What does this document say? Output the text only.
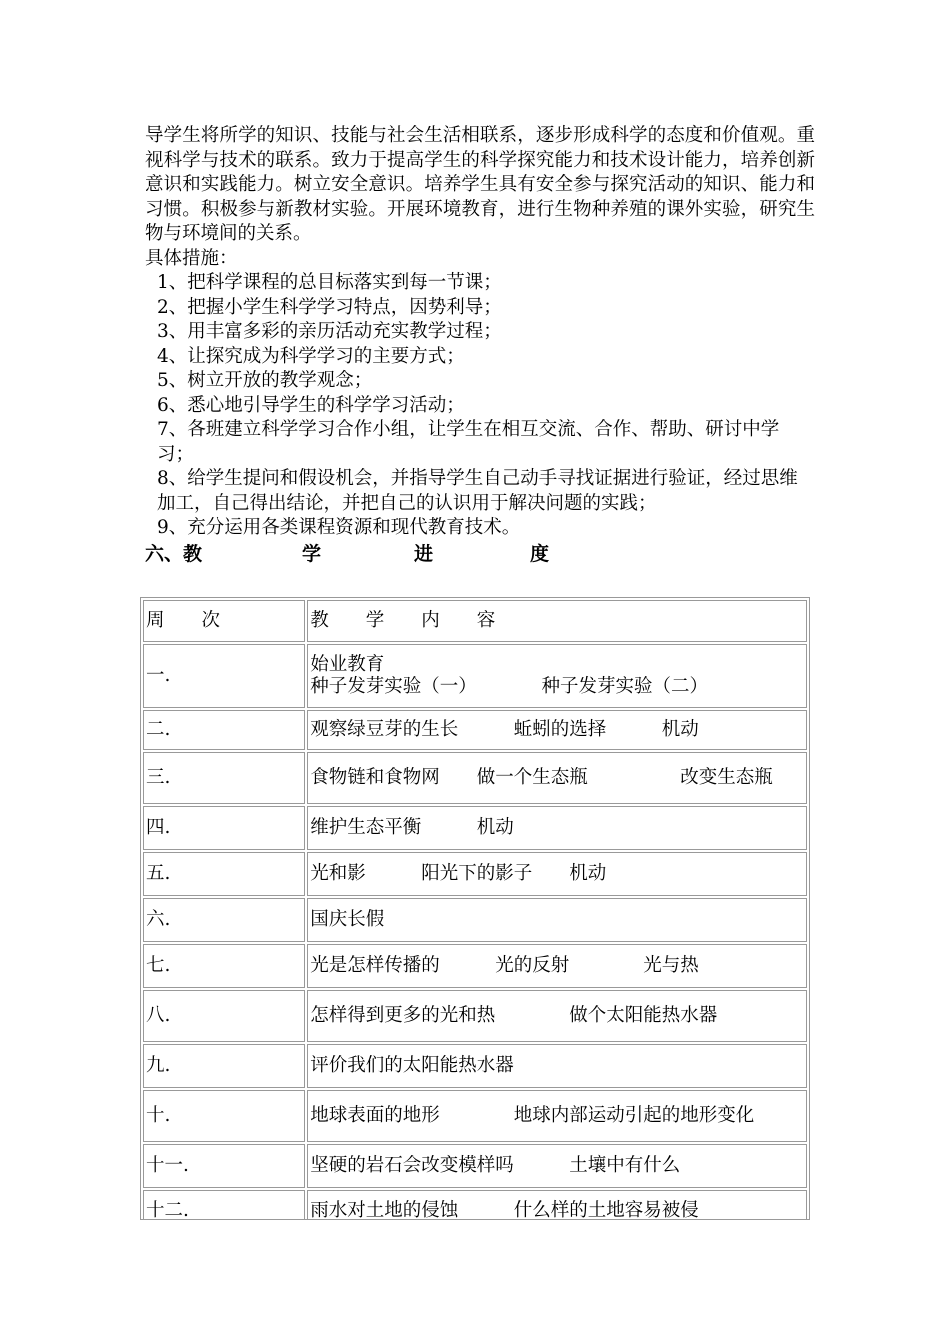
导学生将所学的知识、技能与社会生活相联系，逐步形成科学的态度和价值观。重视科学与技术的联系。致力于提高学生的科学探究能力和技术设计能力，培养创新意识和实践能力。树立安全意识。培养学生具有安全参与探究活动的知识、能力和习惯。积极参与新教材实验。开展环境教育，进行生物种养殖的课外实验，研究生物与环境间的关系。

具体措施：

1、把科学课程的总目标落实到每一节课；

2、把握小学生科学学习特点，因势利导；

3、用丰富多彩的亲历活动充实教学过程；

4、让探究成为科学学习的主要方式；

5、树立开放的教学观念；

6、悉心地引导学生的科学学习活动；

7、各班建立科学学习合作小组，让学生在相互交流、合作、帮助、研讨中学习；

8、给学生提问和假设机会，并指导学生自己动手寻找证据进行验证，经过思维加工，自己得出结论，并把自己的认识用于解决问题的实践；

9、充分运用各类课程资源和现代教育技术。

六、教	学	进	度

周　　次	教　　学　　内　　容
一.	始业教育
种子发芽实验（一）　　　　种子发芽实验（二）
二.	观察绿豆芽的生长　　　蚯蚓的选择　　　机动
三.	食物链和食物网　　做一个生态瓶　　　　　改变生态瓶
四.	维护生态平衡　　　机动
五.	光和影　　　阳光下的影子　　机动
六.	国庆长假
七.	光是怎样传播的　　　光的反射　　　　光与热
八.	怎样得到更多的光和热　　　　做个太阳能热水器
九.	评价我们的太阳能热水器
十.	地球表面的地形　　　　地球内部运动引起的地形变化
十一.	坚硬的岩石会改变模样吗　　　土壤中有什么
十二.	雨水对土地的侵蚀　　　什么样的土地容易被侵
